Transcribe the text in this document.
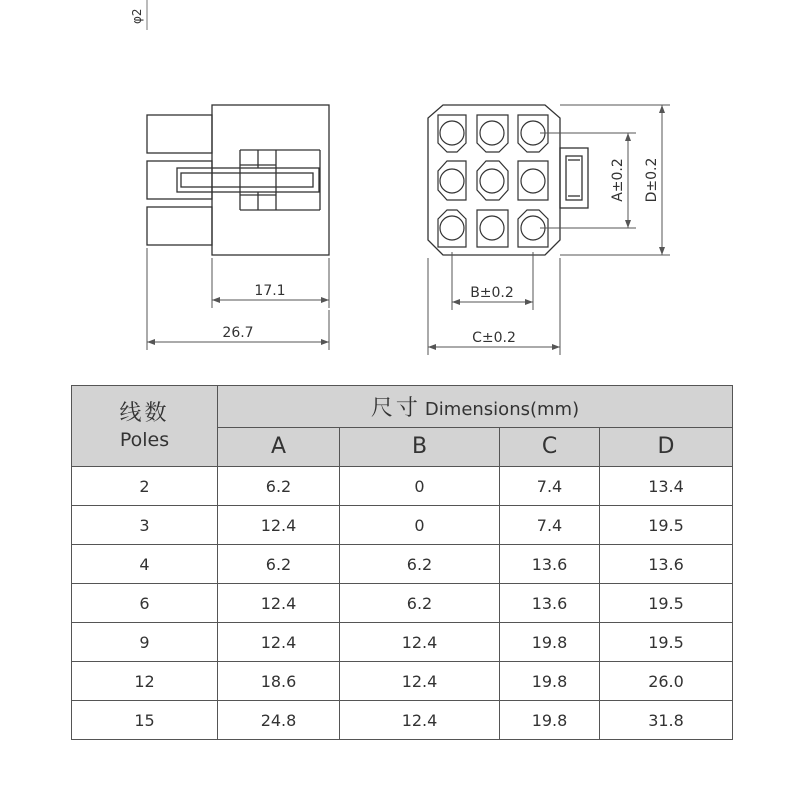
φ2
17.1
26.7
B±0.2
C±0.2
A±0.2 D±0.2
线数
Poles	尺寸 Dimensions(mm)			
	A	B	C	D
2	6.2	0	7.4	13.4
3	12.4	0	7.4	19.5
4	6.2	6.2	13.6	13.6
6	12.4	6.2	13.6	19.5
9	12.4	12.4	19.8	19.5
12	18.6	12.4	19.8	26.0
15	24.8	12.4	19.8	31.8
